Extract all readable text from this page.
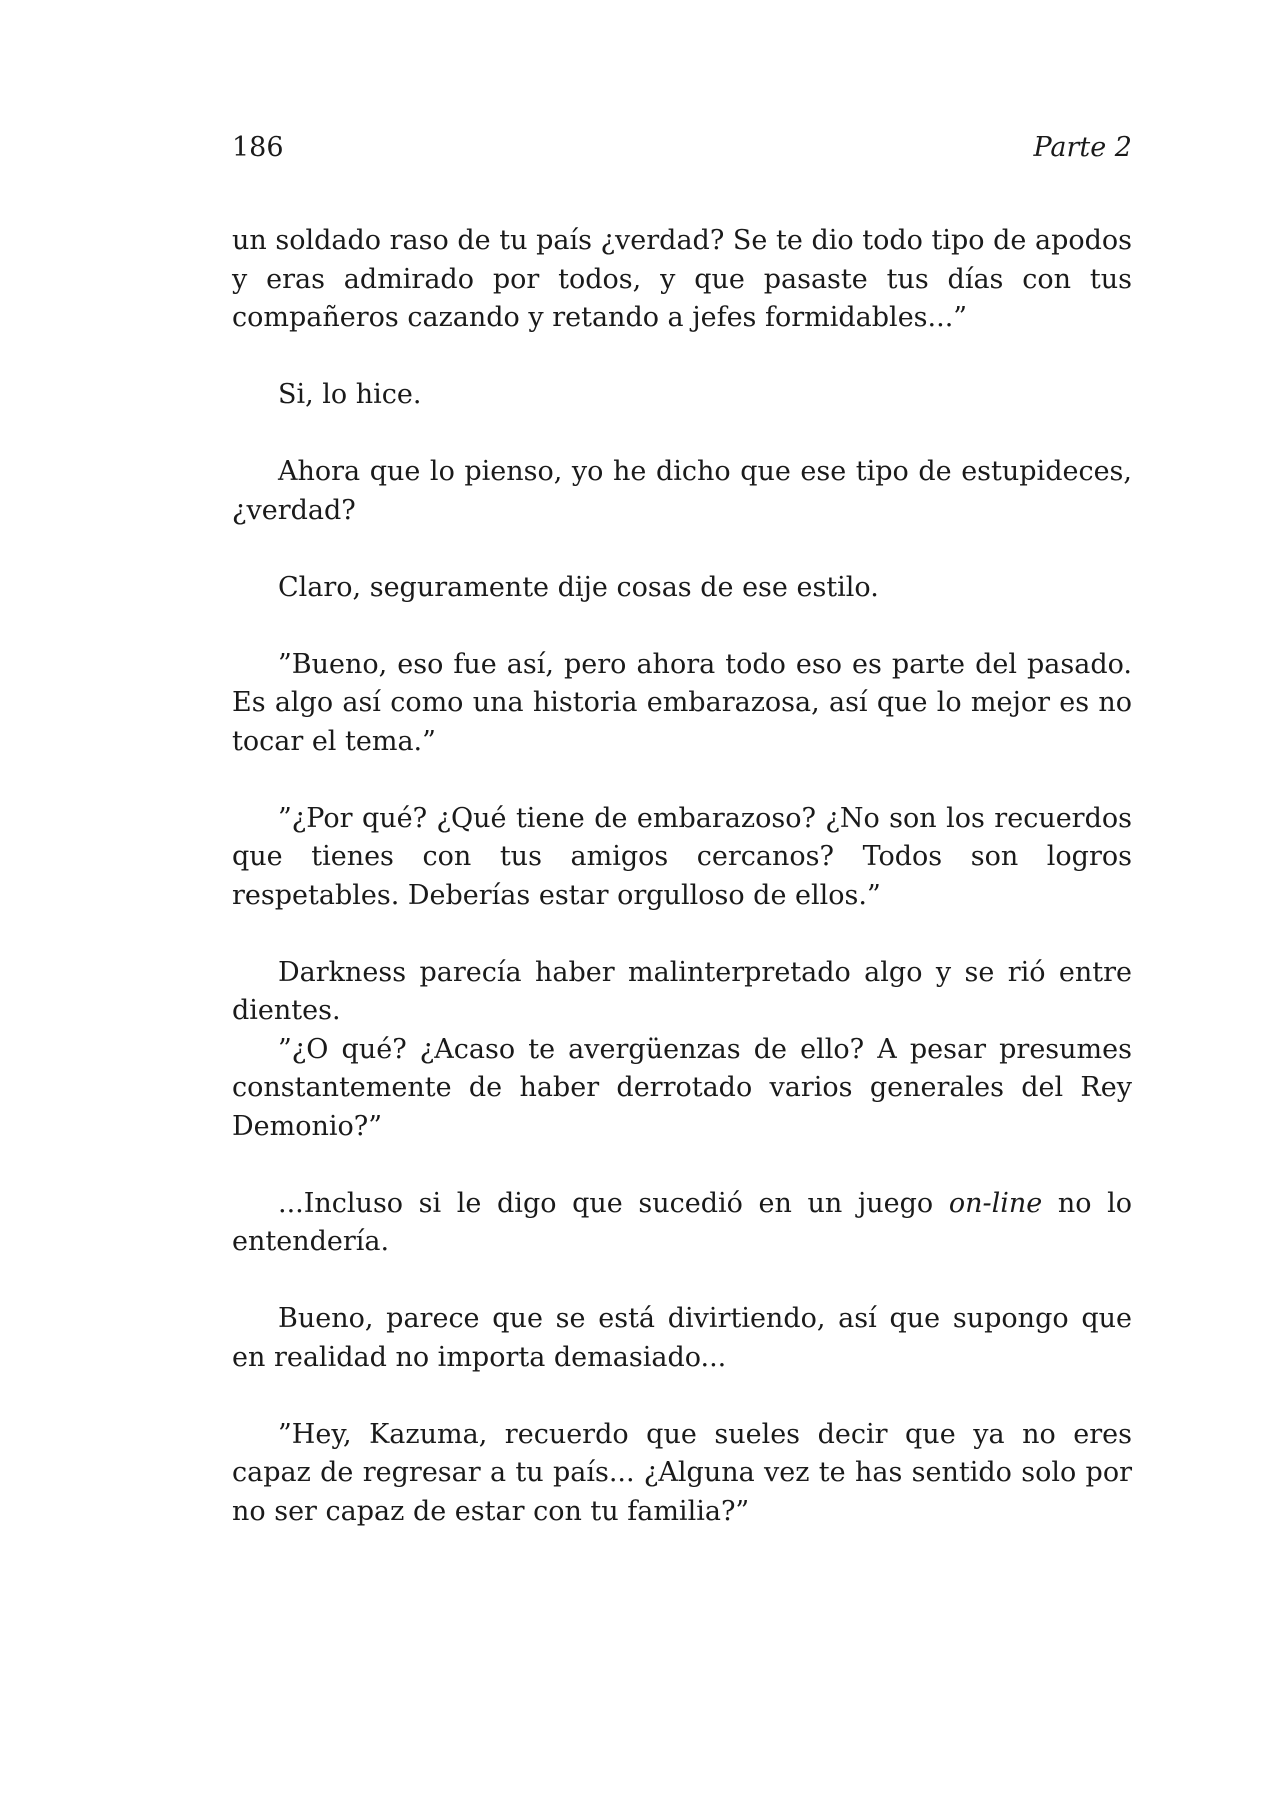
186	Parte 2

un soldado raso de tu país ¿verdad? Se te dio todo tipo de apodos y eras admirado por todos, y que pasaste tus días con tus compañeros cazando y retando a jefes formidables...”

Si, lo hice.

Ahora que lo pienso, yo he dicho que ese tipo de estupideces, ¿verdad?

Claro, seguramente dije cosas de ese estilo.

”Bueno, eso fue así, pero ahora todo eso es parte del pasado. Es algo así como una historia embarazosa, así que lo mejor es no tocar el tema.”

”¿Por qué? ¿Qué tiene de embarazoso? ¿No son los recuerdos que tienes con tus amigos cercanos? Todos son logros respetables. Deberías estar orgulloso de ellos.”

Darkness parecía haber malinterpretado algo y se rió entre dientes.

”¿O qué? ¿Acaso te avergüenzas de ello? A pesar presumes constantemente de haber derrotado varios generales del Rey Demonio?”

...Incluso si le digo que sucedió en un juego on-line no lo entendería.

Bueno, parece que se está divirtiendo, así que supongo que en realidad no importa demasiado...

”Hey, Kazuma, recuerdo que sueles decir que ya no eres capaz de regresar a tu país... ¿Alguna vez te has sentido solo por no ser capaz de estar con tu familia?”
